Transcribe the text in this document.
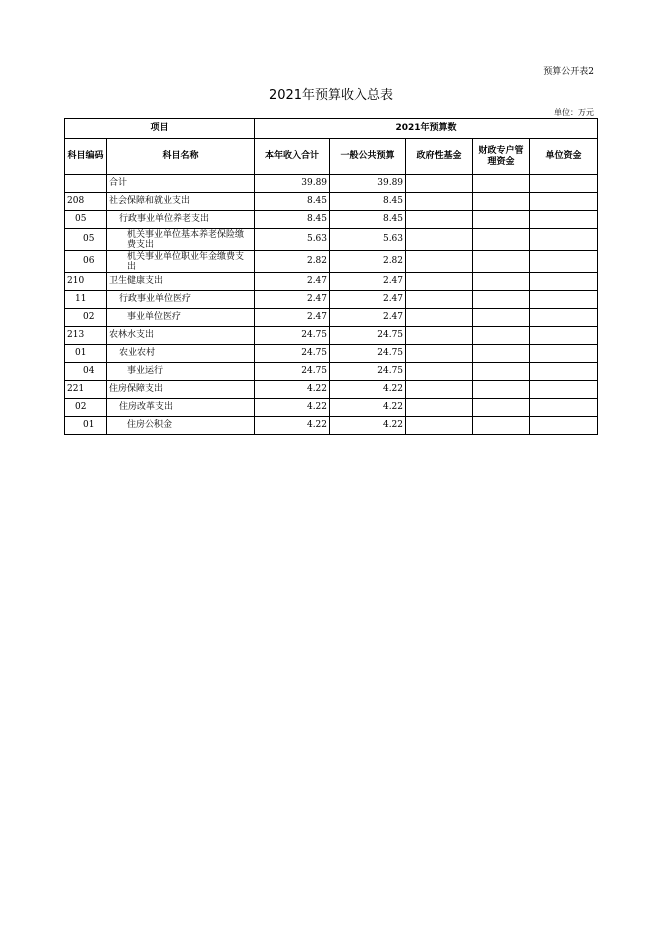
预算公开表2
2021年预算收入总表
单位：万元
项目		2021年预算数				
科目编码	科目名称	本年收入合计	一般公共预算	政府性基金	财政专户管理资金	单位资金
	合计	39.89	39.89			
208	社会保障和就业支出	8.45	8.45			
05	行政事业单位养老支出	8.45	8.45			
05	机关事业单位基本养老保险缴费支出	5.63	5.63			
06	机关事业单位职业年金缴费支出	2.82	2.82			
210	卫生健康支出	2.47	2.47			
11	行政事业单位医疗	2.47	2.47			
02	事业单位医疗	2.47	2.47			
213	农林水支出	24.75	24.75			
01	农业农村	24.75	24.75			
04	事业运行	24.75	24.75			
221	住房保障支出	4.22	4.22			
02	住房改革支出	4.22	4.22			
01	住房公积金	4.22	4.22			
